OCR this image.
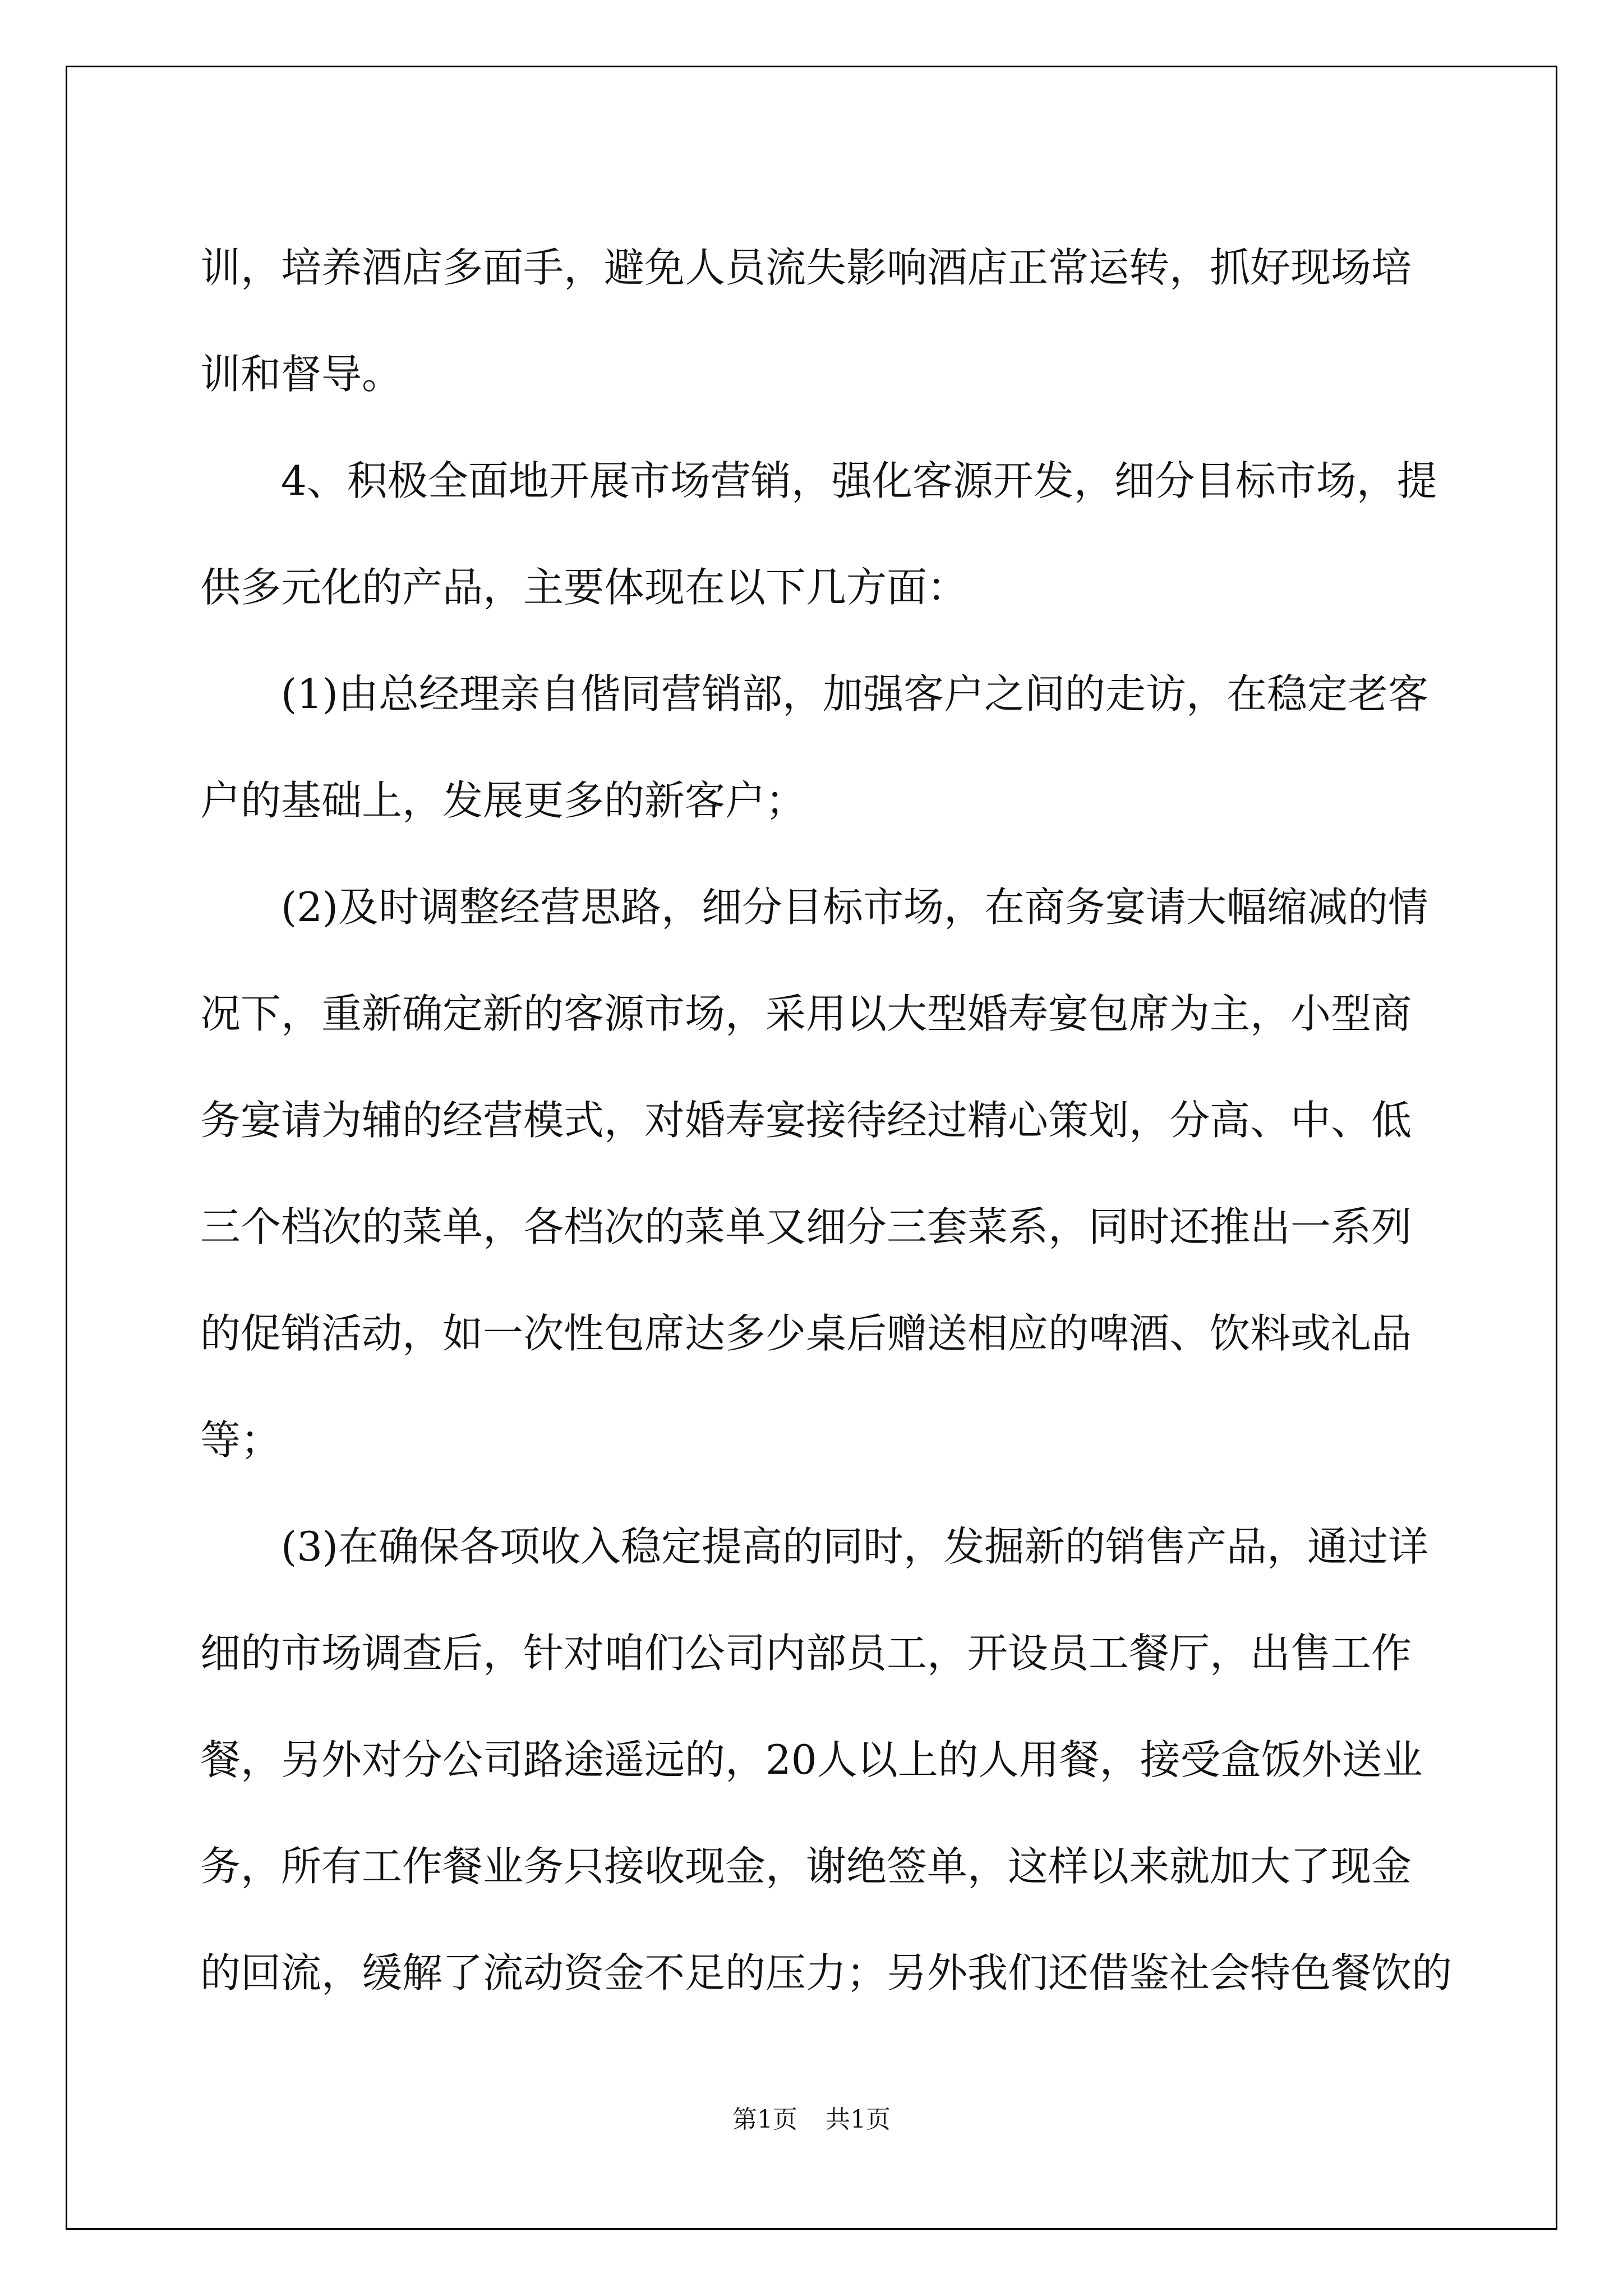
训，培养酒店多面手，避免人员流失影响酒店正常运转，抓好现场培
训和督导。
4、积极全面地开展市场营销，强化客源开发，细分目标市场，提
供多元化的产品，主要体现在以下几方面：
(1)由总经理亲自偕同营销部，加强客户之间的走访，在稳定老客
户的基础上，发展更多的新客户；
(2)及时调整经营思路，细分目标市场，在商务宴请大幅缩减的情
况下，重新确定新的客源市场，采用以大型婚寿宴包席为主，小型商
务宴请为辅的经营模式，对婚寿宴接待经过精心策划，分高、中、低
三个档次的菜单，各档次的菜单又细分三套菜系，同时还推出一系列
的促销活动，如一次性包席达多少桌后赠送相应的啤酒、饮料或礼品
等；
(3)在确保各项收入稳定提高的同时，发掘新的销售产品，通过详
细的市场调查后，针对咱们公司内部员工，开设员工餐厅，出售工作
餐，另外对分公司路途遥远的，20人以上的人用餐，接受盒饭外送业
务，所有工作餐业务只接收现金，谢绝签单，这样以来就加大了现金
的回流，缓解了流动资金不足的压力；另外我们还借鉴社会特色餐饮的
第1页 共1页
